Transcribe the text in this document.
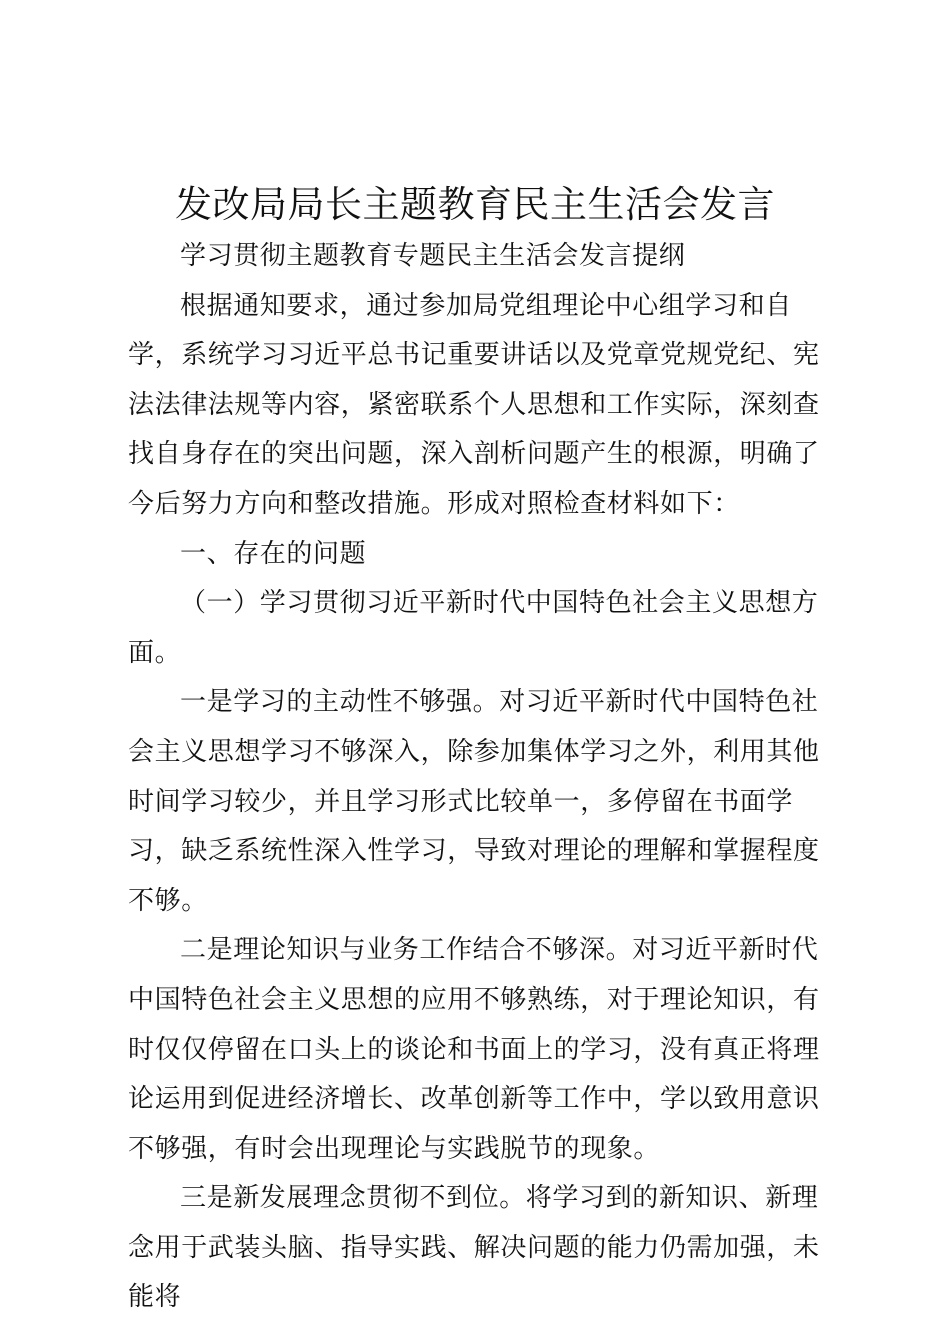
发改局局长主题教育民主生活会发言

学习贯彻主题教育专题民主生活会发言提纲

根据通知要求，通过参加局党组理论中心组学习和自学，系统学习习近平总书记重要讲话以及党章党规党纪、宪法法律法规等内容，紧密联系个人思想和工作实际，深刻查找自身存在的突出问题，深入剖析问题产生的根源，明确了今后努力方向和整改措施。形成对照检查材料如下：

一、存在的问题

（一）学习贯彻习近平新时代中国特色社会主义思想方面。

一是学习的主动性不够强。对习近平新时代中国特色社会主义思想学习不够深入，除参加集体学习之外，利用其他时间学习较少，并且学习形式比较单一，多停留在书面学习，缺乏系统性深入性学习，导致对理论的理解和掌握程度不够。

二是理论知识与业务工作结合不够深。对习近平新时代中国特色社会主义思想的应用不够熟练，对于理论知识，有时仅仅停留在口头上的谈论和书面上的学习，没有真正将理论运用到促进经济增长、改革创新等工作中，学以致用意识不够强，有时会出现理论与实践脱节的现象。

三是新发展理念贯彻不到位。将学习到的新知识、新理念用于武装头脑、指导实践、解决问题的能力仍需加强，未能将
